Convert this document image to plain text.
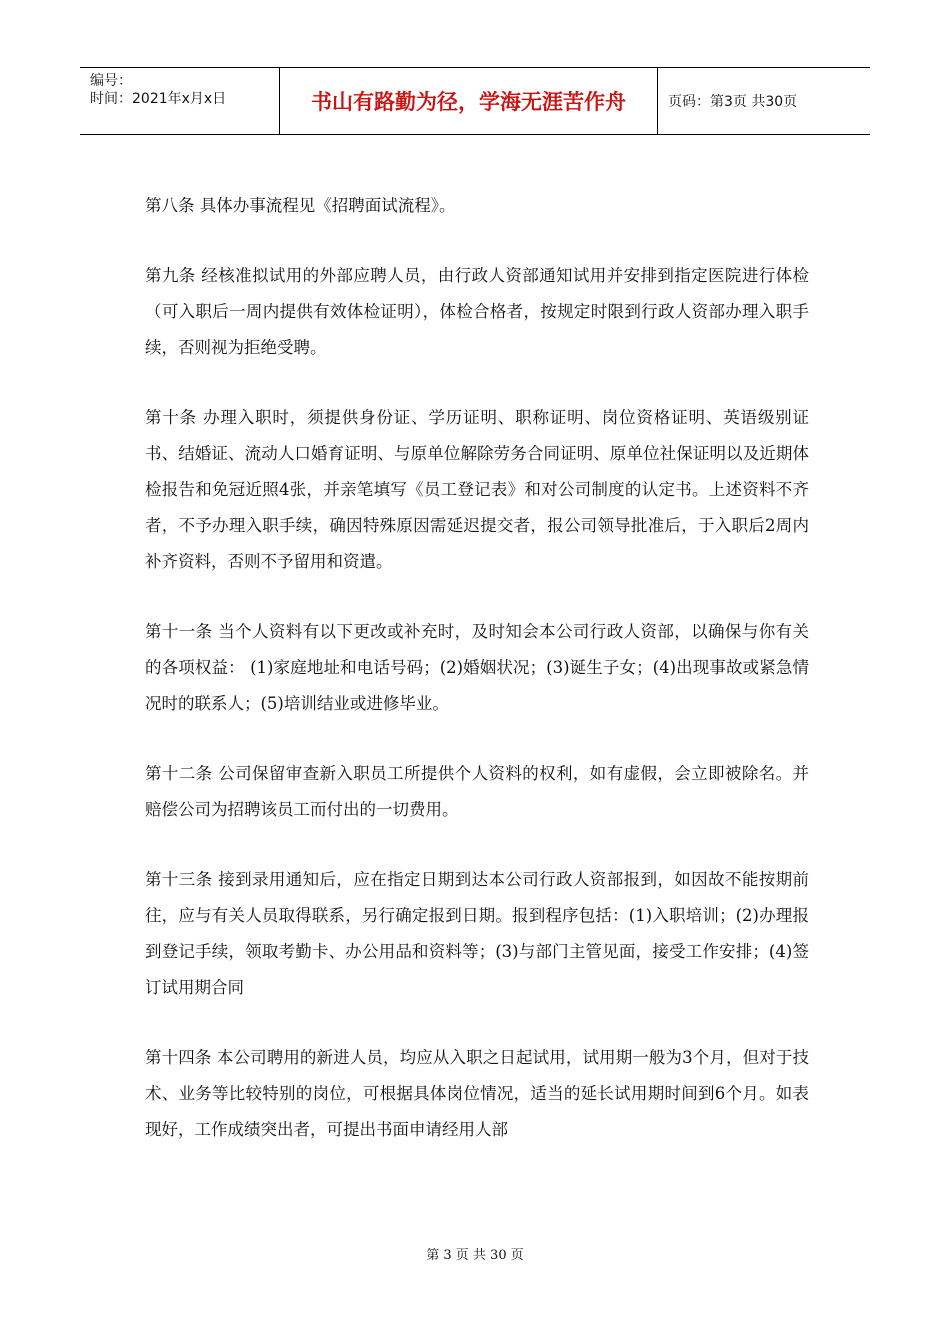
编号：
时间：2021年x月x日	书山有路勤为径，学海无涯苦作舟	页码：第3页 共30页

第八条 具体办事流程见《招聘面试流程》。

第九条 经核准拟试用的外部应聘人员，由行政人资部通知试用并安排到指定医院进行体检（可入职后一周内提供有效体检证明），体检合格者，按规定时限到行政人资部办理入职手续，否则视为拒绝受聘。

第十条 办理入职时，须提供身份证、学历证明、职称证明、岗位资格证明、英语级别证书、结婚证、流动人口婚育证明、与原单位解除劳务合同证明、原单位社保证明以及近期体检报告和免冠近照4张，并亲笔填写《员工登记表》和对公司制度的认定书。上述资料不齐者，不予办理入职手续，确因特殊原因需延迟提交者，报公司领导批准后，于入职后2周内补齐资料，否则不予留用和资遣。

第十一条 当个人资料有以下更改或补充时，及时知会本公司行政人资部，以确保与你有关的各项权益： (1)家庭地址和电话号码；(2)婚姻状况；(3)诞生子女；(4)出现事故或紧急情况时的联系人；(5)培训结业或进修毕业。

第十二条 公司保留审查新入职员工所提供个人资料的权利，如有虚假，会立即被除名。并赔偿公司为招聘该员工而付出的一切费用。

第十三条 接到录用通知后，应在指定日期到达本公司行政人资部报到，如因故不能按期前往，应与有关人员取得联系，另行确定报到日期。报到程序包括：(1)入职培训；(2)办理报到登记手续，领取考勤卡、办公用品和资料等；(3)与部门主管见面，接受工作安排；(4)签订试用期合同

第十四条 本公司聘用的新进人员，均应从入职之日起试用，试用期一般为3个月，但对于技术、业务等比较特别的岗位，可根据具体岗位情况，适当的延长试用期时间到6个月。如表现好，工作成绩突出者，可提出书面申请经用人部

第 3 页 共 30 页
